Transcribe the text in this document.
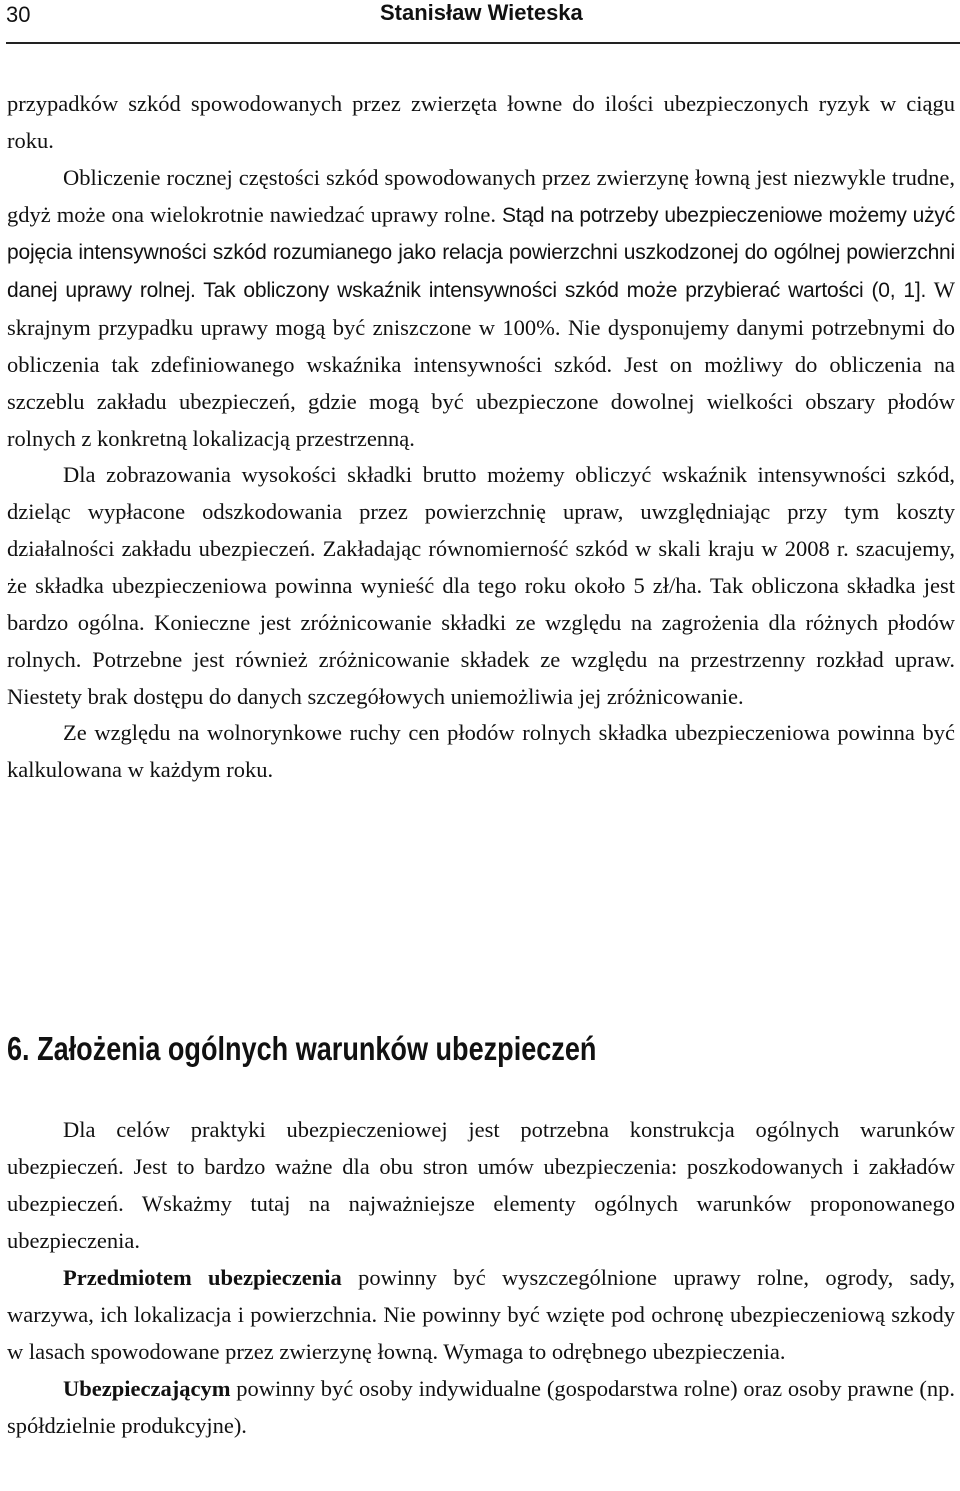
30	Stanisław Wieteska

przypadków szkód spowodowanych przez zwierzęta łowne do ilości ubezpieczonych ryzyk w ciągu roku.

Obliczenie rocznej częstości szkód spowodowanych przez zwierzynę łowną jest niezwykle trudne, gdyż może ona wielokrotnie nawiedzać uprawy rolne. Stąd na potrzeby ubezpieczeniowe możemy użyć pojęcia intensywności szkód rozumianego jako relacja powierzchni uszkodzonej do ogólnej powierzchni danej uprawy rolnej. Tak obliczony wskaźnik intensywności szkód może przybierać wartości (0, 1]. W skrajnym przypadku uprawy mogą być zniszczone w 100%. Nie dysponujemy danymi potrzebnymi do obliczenia tak zdefiniowanego wskaźnika intensywności szkód. Jest on możliwy do obliczenia na szczeblu zakładu ubezpieczeń, gdzie mogą być ubezpieczone dowolnej wielkości obszary płodów rolnych z konkretną lokalizacją przestrzenną.

Dla zobrazowania wysokości składki brutto możemy obliczyć wskaźnik intensywności szkód, dzieląc wypłacone odszkodowania przez powierzchnię upraw, uwzględniając przy tym koszty działalności zakładu ubezpieczeń. Zakładając równomierność szkód w skali kraju w 2008 r. szacujemy, że składka ubezpieczeniowa powinna wynieść dla tego roku około 5 zł/ha. Tak obliczona składka jest bardzo ogólna. Konieczne jest zróżnicowanie składki ze względu na zagrożenia dla różnych płodów rolnych. Potrzebne jest również zróżnicowanie składek ze względu na przestrzenny rozkład upraw. Niestety brak dostępu do danych szczegółowych uniemożliwia jej zróżnicowanie.

Ze względu na wolnorynkowe ruchy cen płodów rolnych składka ubezpieczeniowa powinna być kalkulowana w każdym roku.

6. Założenia ogólnych warunków ubezpieczeń

Dla celów praktyki ubezpieczeniowej jest potrzebna konstrukcja ogólnych warunków ubezpieczeń. Jest to bardzo ważne dla obu stron umów ubezpieczenia: poszkodowanych i zakładów ubezpieczeń. Wskażmy tutaj na najważniejsze elementy ogólnych warunków proponowanego ubezpieczenia.

Przedmiotem ubezpieczenia powinny być wyszczególnione uprawy rolne, ogrody, sady, warzywa, ich lokalizacja i powierzchnia. Nie powinny być wzięte pod ochronę ubezpieczeniową szkody w lasach spowodowane przez zwierzynę łowną. Wymaga to odrębnego ubezpieczenia.

Ubezpieczającym powinny być osoby indywidualne (gospodarstwa rolne) oraz osoby prawne (np. spółdzielnie produkcyjne).
